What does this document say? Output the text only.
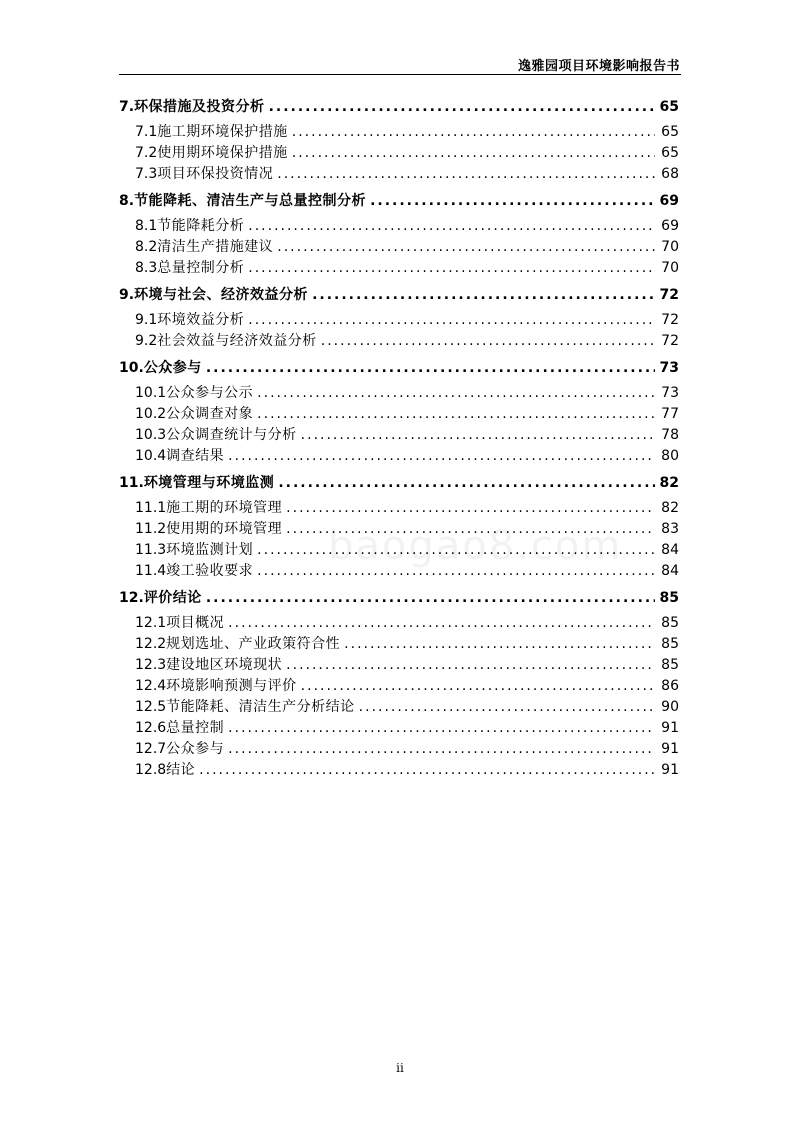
逸雅园项目环境影响报告书
baogao8.com
7. 环保措施及投资分析 .....	65
7.1 施工期环境保护措施 .....	65
7.2 使用期环境保护措施 .....	65
7.3 项目环保投资情况 .....	68
8. 节能降耗、清洁生产与总量控制分析 .....	69
8.1 节能降耗分析 .....	69
8.2 清洁生产措施建议 .....	70
8.3 总量控制分析 .....	70
9. 环境与社会、经济效益分析 .....	72
9.1 环境效益分析 .....	72
9.2 社会效益与经济效益分析 .....	72
10. 公众参与 .....	73
10.1 公众参与公示 .....	73
10.2 公众调查对象 .....	77
10.3 公众调查统计与分析 .....	78
10.4 调查结果 .....	80
11. 环境管理与环境监测 .....	82
11.1 施工期的环境管理 .....	82
11.2 使用期的环境管理 .....	83
11.3 环境监测计划 .....	84
11.4 竣工验收要求 .....	84
12. 评价结论 .....	85
12.1 项目概况 .....	85
12.2 规划选址、产业政策符合性 .....	85
12.3 建设地区环境现状 .....	85
12.4 环境影响预测与评价 .....	86
12.5 节能降耗、清洁生产分析结论 .....	90
12.6 总量控制 .....	91
12.7 公众参与 .....	91
12.8 结论 .....	91
ii
